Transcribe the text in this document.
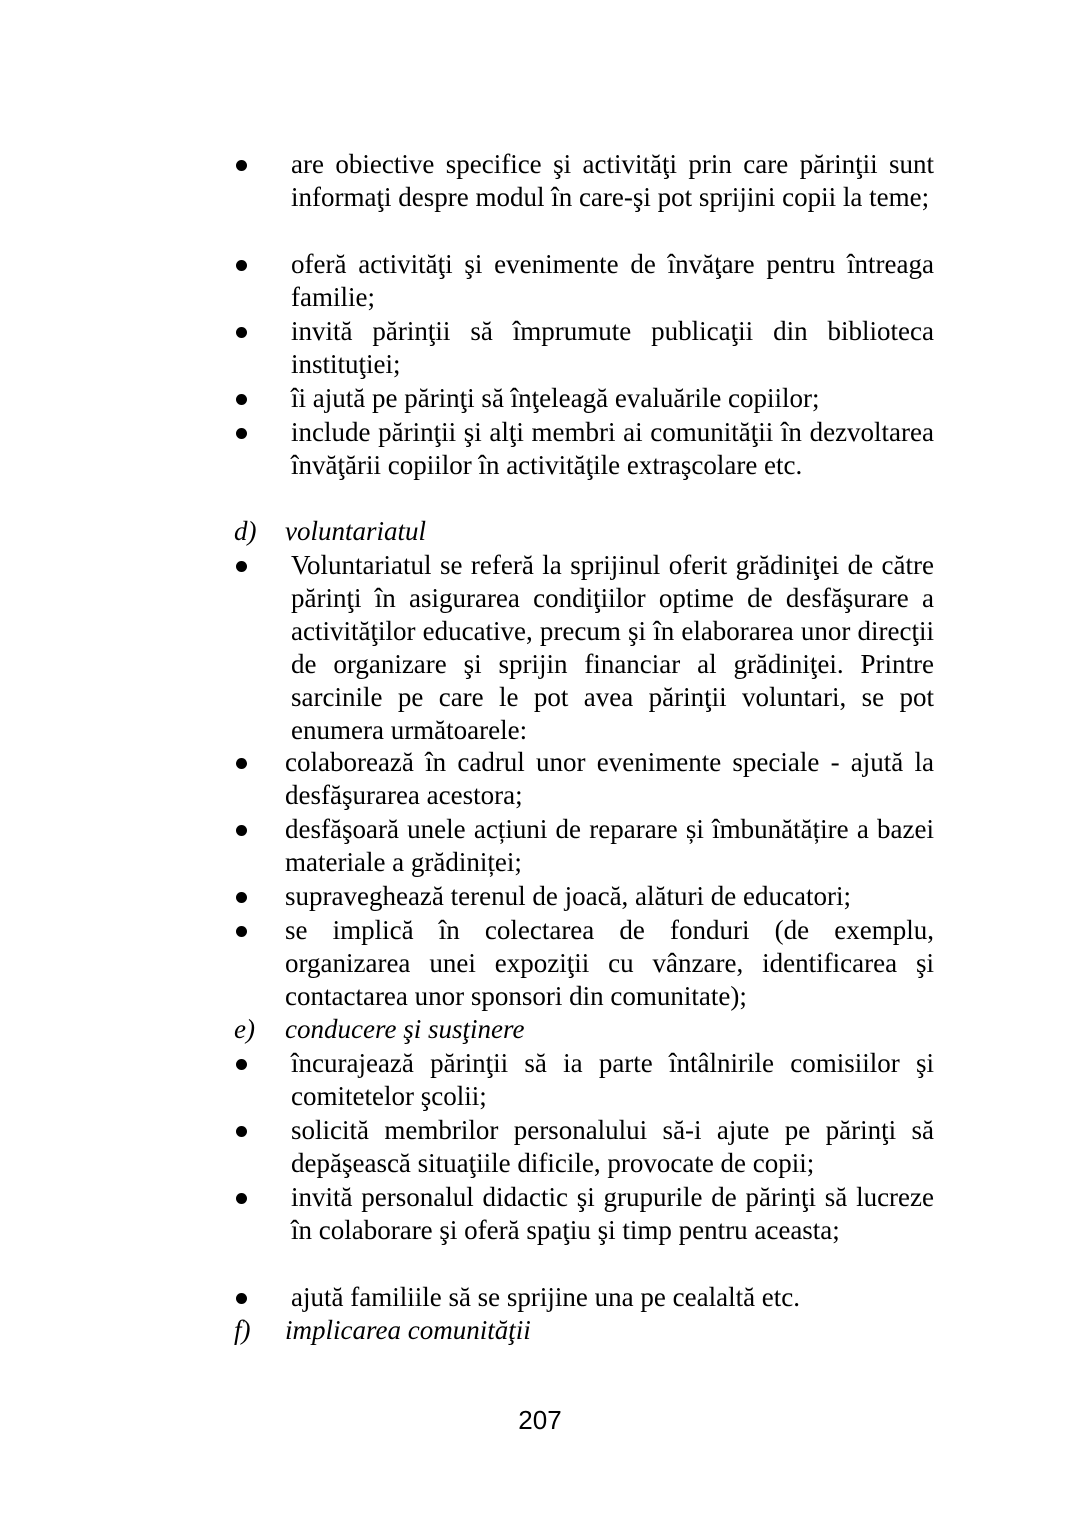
are obiective specifice şi activităţi prin care părinţii sunt informaţi despre modul în care-şi pot sprijini copii la teme;
oferă activităţi şi evenimente de învăţare pentru întreaga familie;
invită părinţii să împrumute publicaţii din biblioteca instituţiei;
îi ajută pe părinţi să înţeleagă evaluările copiilor;
include părinţii şi alţi membri ai comunităţii în dezvoltarea învăţării copiilor în activităţile extraşcolare etc.
d) voluntariatul
Voluntariatul se referă la sprijinul oferit grădiniţei de către părinţi în asigurarea condiţiilor optime de desfăşurare a activităţilor educative, precum şi în elaborarea unor direcţii de organizare şi sprijin financiar al grădiniţei. Printre sarcinile pe care le pot avea părinţii voluntari, se pot enumera următoarele:
colaborează în cadrul unor evenimente speciale - ajută la desfăşurarea acestora;
desfăşoară unele acțiuni de reparare și îmbunătățire a bazei materiale a grădiniței;
supraveghează terenul de joacă, alături de educatori;
se implică în colectarea de fonduri (de exemplu, organizarea unei expoziţii cu vânzare, identificarea şi contactarea unor sponsori din comunitate);
e) conducere şi susţinere
încurajează părinţii să ia parte întâlnirile comisiilor şi comitetelor şcolii;
solicită membrilor personalului să-i ajute pe părinţi să depăşească situaţiile dificile, provocate de copii;
invită personalul didactic şi grupurile de părinţi să lucreze în colaborare şi oferă spaţiu şi timp pentru aceasta;
ajută familiile să se sprijine una pe cealaltă etc.
f) implicarea comunităţii
207
